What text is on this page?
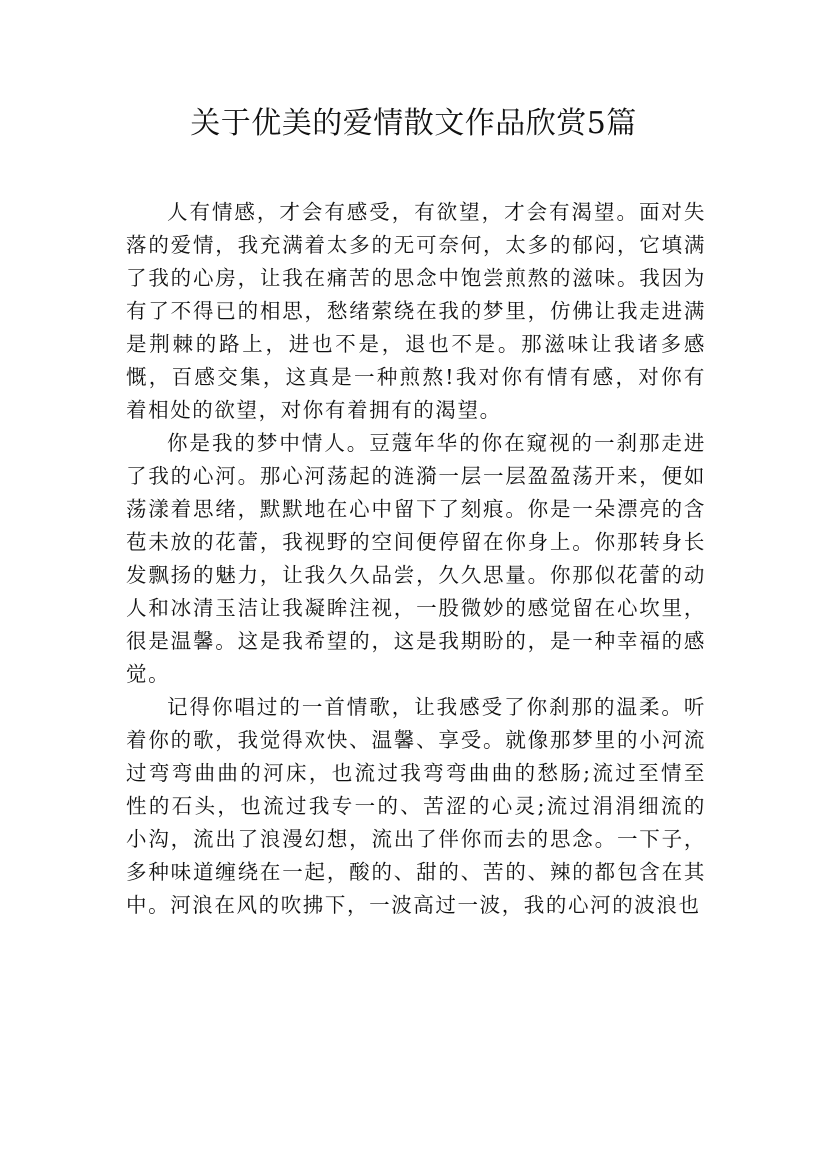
关于优美的爱情散文作品欣赏5篇

人有情感，才会有感受，有欲望，才会有渴望。面对失落的爱情，我充满着太多的无可奈何，太多的郁闷，它填满了我的心房，让我在痛苦的思念中饱尝煎熬的滋味。我因为有了不得已的相思，愁绪萦绕在我的梦里，仿佛让我走进满是荆棘的路上，进也不是，退也不是。那滋味让我诸多感慨，百感交集，这真是一种煎熬!我对你有情有感，对你有着相处的欲望，对你有着拥有的渴望。

你是我的梦中情人。豆蔻年华的你在窥视的一刹那走进了我的心河。那心河荡起的涟漪一层一层盈盈荡开来，便如荡漾着思绪，默默地在心中留下了刻痕。你是一朵漂亮的含苞未放的花蕾，我视野的空间便停留在你身上。你那转身长发飘扬的魅力，让我久久品尝，久久思量。你那似花蕾的动人和冰清玉洁让我凝眸注视，一股微妙的感觉留在心坎里，很是温馨。这是我希望的，这是我期盼的，是一种幸福的感觉。

记得你唱过的一首情歌，让我感受了你刹那的温柔。听着你的歌，我觉得欢快、温馨、享受。就像那梦里的小河流过弯弯曲曲的河床，也流过我弯弯曲曲的愁肠;流过至情至性的石头，也流过我专一的、苦涩的心灵;流过涓涓细流的小沟，流出了浪漫幻想，流出了伴你而去的思念。一下子，多种味道缠绕在一起，酸的、甜的、苦的、辣的都包含在其中。河浪在风的吹拂下，一波高过一波，我的心河的波浪也
